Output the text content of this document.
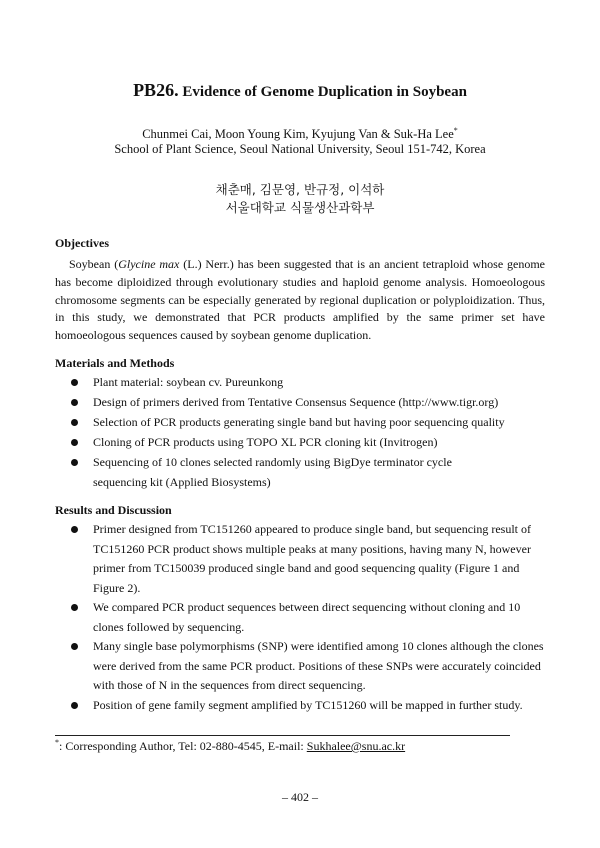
PB26. Evidence of Genome Duplication in Soybean
Chunmei Cai, Moon Young Kim, Kyujung Van & Suk-Ha Lee*
School of Plant Science, Seoul National University, Seoul 151-742, Korea
채춘매, 김문영, 반규정, 이석하
서울대학교 식물생산과학부
Objectives

Soybean (Glycine max (L.) Nerr.) has been suggested that is an ancient tetraploid whose genome has become diploidized through evolutionary studies and haploid genome analysis. Homoeologous chromosome segments can be especially generated by regional duplication or polyploidization. Thus, in this study, we demonstrated that PCR products amplified by the same primer set have homoeologous sequences caused by soybean genome duplication.

Materials and Methods
Plant material: soybean cv. Pureunkong
Design of primers derived from Tentative Consensus Sequence (http://www.tigr.org)
Selection of PCR products generating single band but having poor sequencing quality
Cloning of PCR products using TOPO XL PCR cloning kit (Invitrogen)
Sequencing of 10 clones selected randomly using BigDye terminator cycle sequencing kit (Applied Biosystems)
Results and Discussion
Primer designed from TC151260 appeared to produce single band, but sequencing result of TC151260 PCR product shows multiple peaks at many positions, having many N, however primer from TC150039 produced single band and good sequencing quality (Figure 1 and Figure 2).
We compared PCR product sequences between direct sequencing without cloning and 10 clones followed by sequencing.
Many single base polymorphisms (SNP) were identified among 10 clones although the clones were derived from the same PCR product. Positions of these SNPs were accurately coincided with those of N in the sequences from direct sequencing.
Position of gene family segment amplified by TC151260 will be mapped in further study.
*: Corresponding Author, Tel: 02-880-4545, E-mail: Sukhalee@snu.ac.kr
– 402 –
